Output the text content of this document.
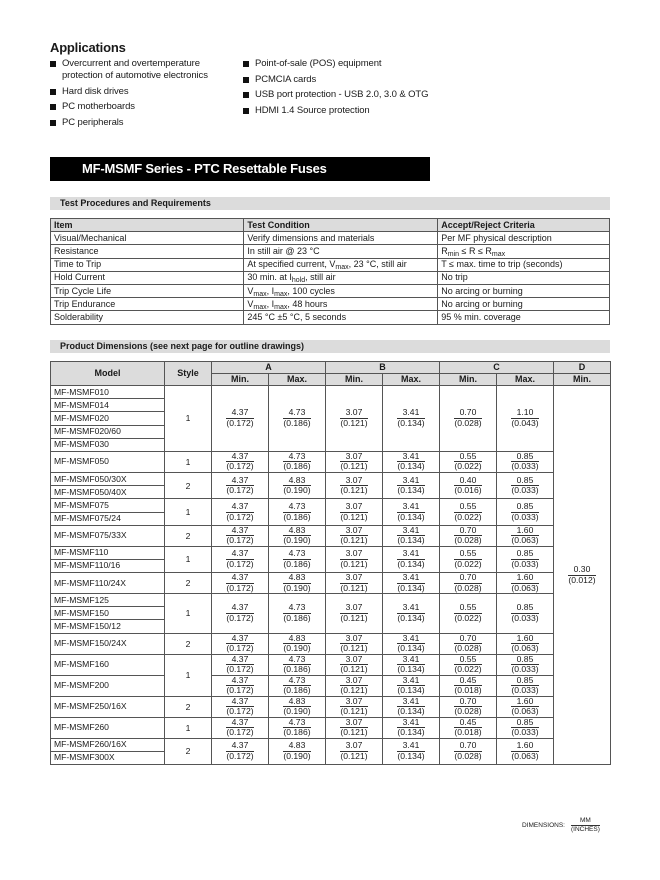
Applications
Overcurrent and overtemperature protection of automotive electronics
Hard disk drives
PC motherboards
PC peripherals
Point-of-sale (POS) equipment
PCMCIA cards
USB port protection - USB 2.0, 3.0 & OTG
HDMI 1.4 Source protection
MF-MSMF Series - PTC Resettable Fuses
Test Procedures and Requirements
Item	Test Condition	Accept/Reject Criteria
Visual/Mechanical	Verify dimensions and materials	Per MF physical description
Resistance	In still air @ 23 °C	$R_{min} \le R \le R_{max}$
Time to Trip	At specified current, $V_{max}$, 23 °C, still air	T ≤ max. time to trip (seconds)
Hold Current	30 min. at $I_{hold}$, still air	No trip
Trip Cycle Life	$V_{max}$, $I_{max}$, 100 cycles	No arcing or burning
Trip Endurance	$V_{max}$, $I_{max}$, 48 hours	No arcing or burning
Solderability	245 °C ±5 °C, 5 seconds	95 % min. coverage
Product Dimensions (see next page for outline drawings)
Model	Style	A		B		C		D
		Min.	Max.	Min.	Max.	Min.	Max.	Min.
MF-MSMF010	1	$\frac{4.37}{(0.172)}$	$\frac{4.73}{(0.186)}$	$\frac{3.07}{(0.121)}$	$\frac{3.41}{(0.134)}$	$\frac{0.70}{(0.028)}$	$\frac{1.10}{(0.043)}$	$\frac{0.30}{(0.012)}$

MF-MSMF014								
MF-MSMF020								
MF-MSMF020/60								
MF-MSMF030								
MF-MSMF050	1	$\frac{4.37}{(0.172)}$	$\frac{4.73}{(0.186)}$	$\frac{3.07}{(0.121)}$	$\frac{3.41}{(0.134)}$	$\frac{0.55}{(0.022)}$	$\frac{0.85}{(0.033)}$

MF-MSMF050/30X	2	$\frac{4.37}{(0.172)}$	$\frac{4.83}{(0.190)}$	$\frac{3.07}{(0.121)}$	$\frac{3.41}{(0.134)}$	$\frac{0.40}{(0.016)}$	$\frac{0.85}{(0.033)}$

MF-MSMF050/40X								
MF-MSMF075	1	$\frac{4.37}{(0.172)}$	$\frac{4.73}{(0.186)}$	$\frac{3.07}{(0.121)}$	$\frac{3.41}{(0.134)}$	$\frac{0.55}{(0.022)}$	$\frac{0.85}{(0.033)}$

MF-MSMF075/24								
MF-MSMF075/33X	2	$\frac{4.37}{(0.172)}$	$\frac{4.83}{(0.190)}$	$\frac{3.07}{(0.121)}$	$\frac{3.41}{(0.134)}$	$\frac{0.70}{(0.028)}$	$\frac{1.60}{(0.063)}$

MF-MSMF110	1	$\frac{4.37}{(0.172)}$	$\frac{4.73}{(0.186)}$	$\frac{3.07}{(0.121)}$	$\frac{3.41}{(0.134)}$	$\frac{0.55}{(0.022)}$	$\frac{0.85}{(0.033)}$

MF-MSMF110/16								
MF-MSMF110/24X	2	$\frac{4.37}{(0.172)}$	$\frac{4.83}{(0.190)}$	$\frac{3.07}{(0.121)}$	$\frac{3.41}{(0.134)}$	$\frac{0.70}{(0.028)}$	$\frac{1.60}{(0.063)}$

MF-MSMF125	1	$\frac{4.37}{(0.172)}$	$\frac{4.73}{(0.186)}$	$\frac{3.07}{(0.121)}$	$\frac{3.41}{(0.134)}$	$\frac{0.55}{(0.022)}$	$\frac{0.85}{(0.033)}$

MF-MSMF150								
MF-MSMF150/12								
MF-MSMF150/24X	2	$\frac{4.37}{(0.172)}$	$\frac{4.83}{(0.190)}$	$\frac{3.07}{(0.121)}$	$\frac{3.41}{(0.134)}$	$\frac{0.70}{(0.028)}$	$\frac{1.60}{(0.063)}$

MF-MSMF160	1	$\frac{4.37}{(0.172)}$	$\frac{4.73}{(0.186)}$	$\frac{3.07}{(0.121)}$	$\frac{3.41}{(0.134)}$	$\frac{0.55}{(0.022)}$	$\frac{0.85}{(0.033)}$

MF-MSMF200		$\frac{4.37}{(0.172)}$	$\frac{4.73}{(0.186)}$	$\frac{3.07}{(0.121)}$	$\frac{3.41}{(0.134)}$	$\frac{0.45}{(0.018)}$	$\frac{0.85}{(0.033)}$

MF-MSMF250/16X	2	$\frac{4.37}{(0.172)}$	$\frac{4.83}{(0.190)}$	$\frac{3.07}{(0.121)}$	$\frac{3.41}{(0.134)}$	$\frac{0.70}{(0.028)}$	$\frac{1.60}{(0.063)}$

MF-MSMF260	1	$\frac{4.37}{(0.172)}$	$\frac{4.73}{(0.186)}$	$\frac{3.07}{(0.121)}$	$\frac{3.41}{(0.134)}$	$\frac{0.45}{(0.018)}$	$\frac{0.85}{(0.033)}$

MF-MSMF260/16X	2	$\frac{4.37}{(0.172)}$	$\frac{4.83}{(0.190)}$	$\frac{3.07}{(0.121)}$	$\frac{3.41}{(0.134)}$	$\frac{0.70}{(0.028)}$	$\frac{1.60}{(0.063)}$

MF-MSMF300X								
DIMENSIONS: $\frac{MM}{\text{(INCHES)}}$
